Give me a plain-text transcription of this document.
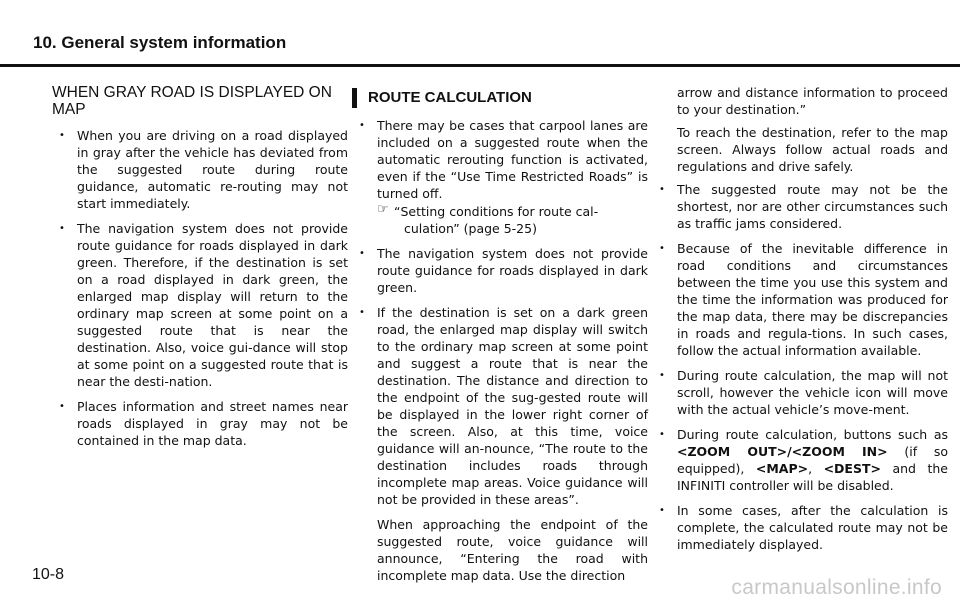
10. General system information
WHEN GRAY ROAD IS DISPLAYED ON MAP
• When you are driving on a road displayed in gray after the vehicle has deviated from the suggested route during route guidance, automatic re-routing may not start immediately.
• The navigation system does not provide route guidance for roads displayed in dark green. Therefore, if the destination is set on a road displayed in dark green, the enlarged map display will return to the ordinary map screen at some point on a suggested route that is near the destination. Also, voice gui-dance will stop at some point on a suggested route that is near the desti-nation.
• Places information and street names near roads displayed in gray may not be contained in the map data.
ROUTE CALCULATION
• There may be cases that carpool lanes are included on a suggested route when the automatic rerouting function is activated, even if the “Use Time Restricted Roads” is turned off.
☞ “Setting conditions for route cal-culation” (page 5-25)
• The navigation system does not provide route guidance for roads displayed in dark green.
• If the destination is set on a dark green road, the enlarged map display will switch to the ordinary map screen at some point and suggest a route that is near the destination. The distance and direction to the endpoint of the sug-gested route will be displayed in the lower right corner of the screen. Also, at this time, voice guidance will an-nounce, “The route to the destination includes roads through incomplete map areas. Voice guidance will not be provided in these areas”.

When approaching the endpoint of the suggested route, voice guidance will announce, “Entering the road with incomplete map data. Use the direction

arrow and distance information to proceed to your destination.”

To reach the destination, refer to the map screen. Always follow actual roads and regulations and drive safely.

• The suggested route may not be the shortest, nor are other circumstances such as traffic jams considered.
• Because of the inevitable difference in road conditions and circumstances between the time you use this system and the time the information was produced for the map data, there may be discrepancies in roads and regula-tions. In such cases, follow the actual information available.
• During route calculation, the map will not scroll, however the vehicle icon will move with the actual vehicle’s move-ment.
• During route calculation, buttons such as <ZOOM OUT>/<ZOOM IN> (if so equipped), <MAP>, <DEST> and the INFINITI controller will be disabled.
• In some cases, after the calculation is complete, the calculated route may not be immediately displayed.
10-8
carmanualsonline.info
